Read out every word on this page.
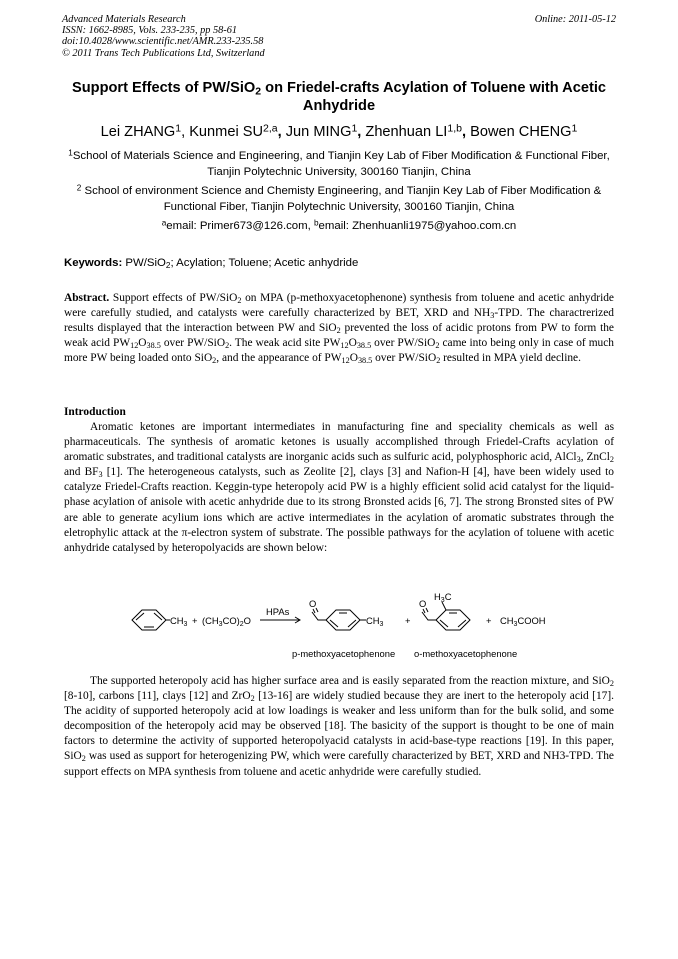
Advanced Materials Research
ISSN: 1662-8985, Vols. 233-235, pp 58-61
doi:10.4028/www.scientific.net/AMR.233-235.58
© 2011 Trans Tech Publications Ltd, Switzerland
Online: 2011-05-12
Support Effects of PW/SiO$_2$ on Friedel-crafts Acylation of Toluene with Acetic Anhydride
Lei ZHANG$^1$, Kunmei SU$^{2,a}$, Jun MING$^1$, Zhenhuan LI$^{1,b}$, Bowen CHENG$^1$
$^1$School of Materials Science and Engineering, and Tianjin Key Lab of Fiber Modification & Functional Fiber, Tianjin Polytechnic University, 300160 Tianjin, China
$^2$ School of environment Science and Chemisty Engineering, and Tianjin Key Lab of Fiber Modification & Functional Fiber, Tianjin Polytechnic University, 300160 Tianjin, China
$^a$email: Primer673@126.com, $^b$email: Zhenhuanli1975@yahoo.com.cn
Keywords: PW/SiO$_2$; Acylation; Toluene; Acetic anhydride
Abstract. Support effects of PW/SiO$_2$ on MPA (p-methoxyacetophenone) synthesis from toluene and acetic anhydride were carefully studied, and catalysts were carefully characterized by BET, XRD and $NH_3$-TPD. The charactrerized results displayed that the interaction between PW and SiO$_2$ prevented the loss of acidic protons from PW to form the weak acid $PW_{12}O_{38.5}$ over PW/SiO$_2$. The weak acid site $PW_{12}O_{38.5}$ over PW/SiO$_2$ came into being only in case of much more PW being loaded onto SiO$_2$, and the appearance of $PW_{12}O_{38.5}$ over PW/SiO$_2$ resulted in MPA yield decline.
Introduction
Aromatic ketones are important intermediates in manufacturing fine and speciality chemicals as well as pharmaceuticals. The synthesis of aromatic ketones is usually accomplished through Friedel-Crafts acylation of aromatic substrates, and traditional catalysts are inorganic acids such as sulfuric acid, polyphosphoric acid, AlCl$_3$, ZnCl$_2$ and $BF_3$ [1]. The heterogeneous catalysts, such as Zeolite [2], clays [3] and Nafion-H [4], have been widely used to catalyze Friedel-Crafts reaction. Keggin-type heteropoly acid PW is a highly efficient solid acid catalyst for the liquid-phase acylation of anisole with acetic anhydride due to its strong Bronsted acids [6, 7]. The strong Bronsted sites of PW are able to generate acylium ions which are active intermediates in the acylation of aromatic substrates through the eletrophylic attack at the π-electron system of substrate. The possible pathways for the acylation of toluene with acetic anhydride catalysed by heteropolyacids are shown below:
$CH_3 + (CH_3CO)_2O$
HPAs
O
$CH_3$ +
O
$H_3C$
+ $CH_3COOH$
p-methoxyacetophenone o-methoxyacetophenone
The supported heteropoly acid has higher surface area and is easily separated from the reaction mixture, and SiO$_2$ [8-10], carbons [11], clays [12] and ZrO$_2$ [13-16] are widely studied because they are inert to the heteropoly acid [17]. The acidity of supported heteropoly acid at low loadings is weaker and less uniform than for the bulk solid, and some decomposition of the heteropoly acid may be observed [18]. The basicity of the support is thought to be one of main factors to determine the activity of supported heteropolyacid catalysts in acid-base-type reactions [19]. In this paper, SiO$_2$ was used as support for heterogenizing PW, which were carefully characterized by BET, XRD and NH3-TPD. The support effects on MPA synthesis from toluene and acetic anhydride were carefully studied.
